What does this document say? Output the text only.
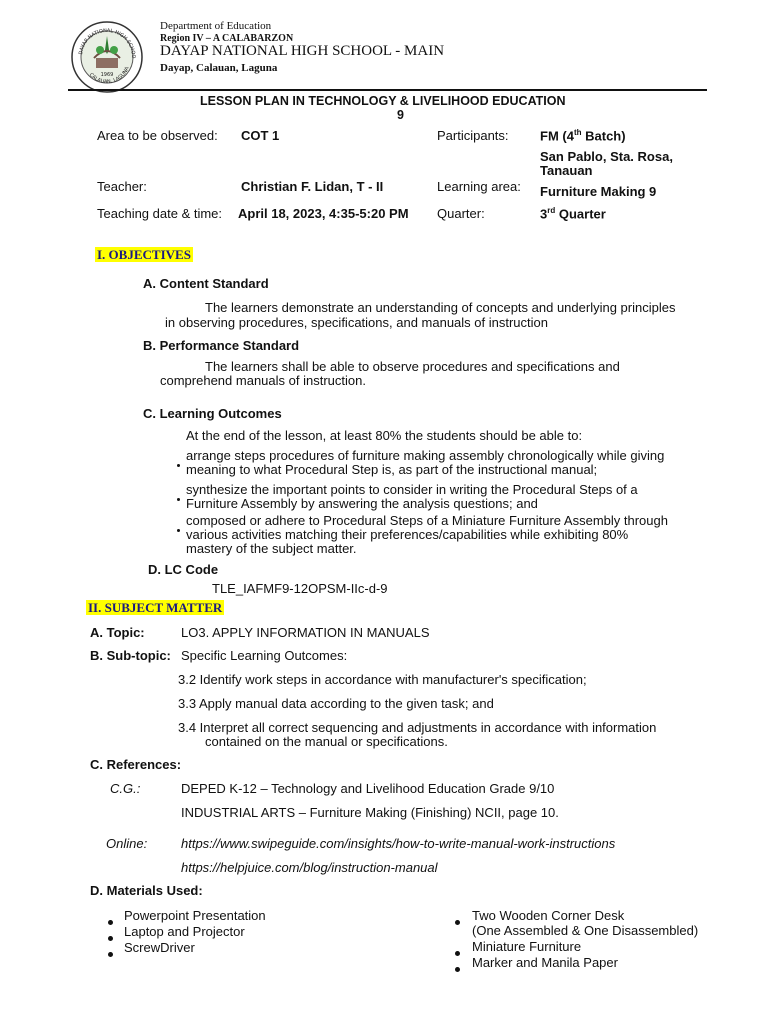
DAYAP NATIONAL HIGH SCHOO
CALAUAN, LAGUNA
1969
Department of Education
Region IV – A CALABARZON
DAYAP NATIONAL HIGH SCHOOL - MAIN
Dayap, Calauan, Laguna
LESSON PLAN IN TECHNOLOGY & LIVELIHOOD EDUCATION
9
Area to be observed: COT 1	Participants: FM (4th Batch)
San Pablo, Sta. Rosa,
Tanauan
Teacher:	Christian F. Lidan, T - II	Learning area: Furniture Making 9
Teaching date & time: April 18, 2023, 4:35-5:20 PM Quarter:	3rd Quarter
I. OBJECTIVES
A. Content Standard
The learners demonstrate an understanding of concepts and underlying principles
in observing procedures, specifications, and manuals of instruction
B. Performance Standard
The learners shall be able to observe procedures and specifications and
comprehend manuals of instruction.
C. Learning Outcomes
At the end of the lesson, at least 80% the students should be able to:
arrange steps procedures of furniture making assembly chronologically while giving
meaning to what Procedural Step is, as part of the instructional manual;
synthesize the important points to consider in writing the Procedural Steps of a
Furniture Assembly by answering the analysis questions; and
composed or adhere to Procedural Steps of a Miniature Furniture Assembly through
various activities matching their preferences/capabilities while exhibiting 80%
mastery of the subject matter.
D. LC Code
TLE_IAFMF9-12OPSM-IIc-d-9
II. SUBJECT MATTER
A. Topic:	LO3. APPLY INFORMATION IN MANUALS
B. Sub-topic: Specific Learning Outcomes:
3.2 Identify work steps in accordance with manufacturer's specification;
3.3 Apply manual data according to the given task; and
3.4 Interpret all correct sequencing and adjustments in accordance with information
contained on the manual or specifications.
C. References:
C.G.:	DEPED K-12 – Technology and Livelihood Education Grade 9/10
INDUSTRIAL ARTS – Furniture Making (Finishing) NCII, page 10.
Online:	https://www.swipeguide.com/insights/how-to-write-manual-work-instructions
https://helpjuice.com/blog/instruction-manual
D. Materials Used:
Powerpoint Presentation
Laptop and Projector
ScrewDriver
Two Wooden Corner Desk
(One Assembled & One Disassembled)
Miniature Furniture
Marker and Manila Paper
